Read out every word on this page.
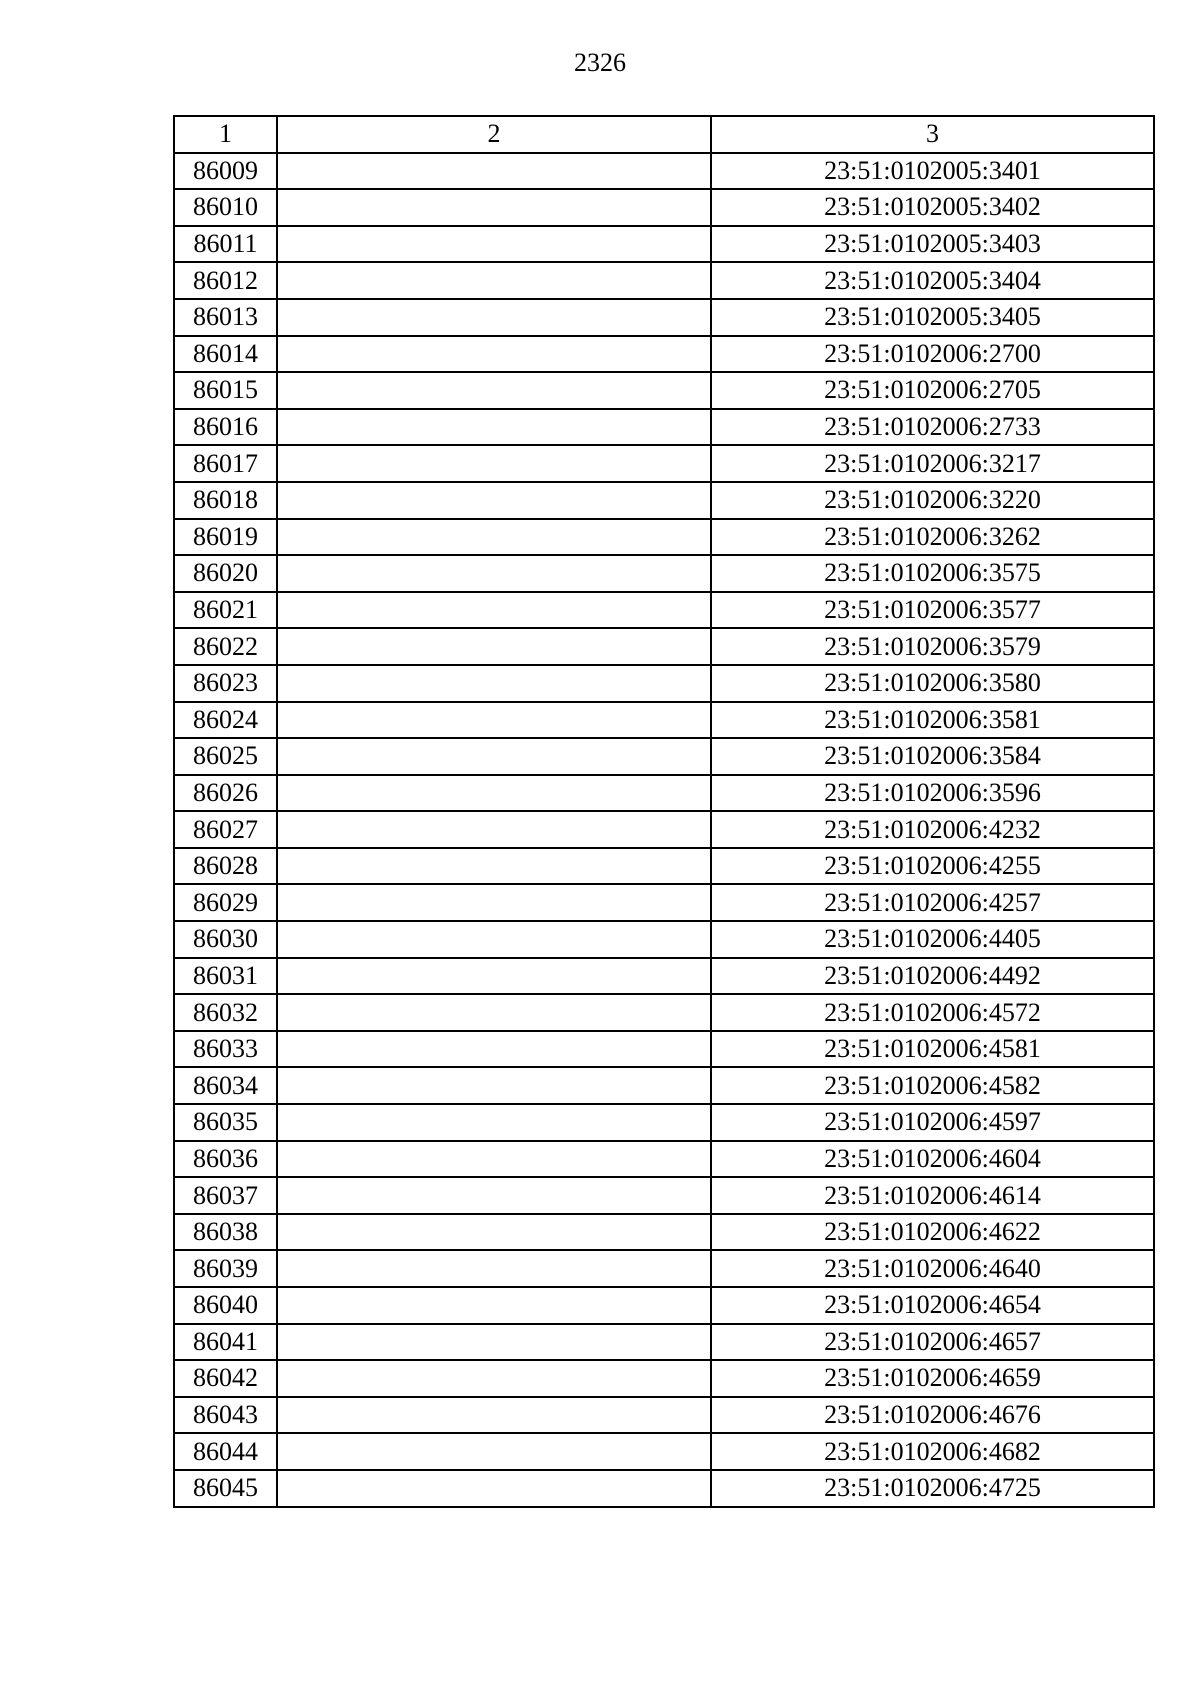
2326
1	2	3
86009		23:51:0102005:3401
86010		23:51:0102005:3402
86011		23:51:0102005:3403
86012		23:51:0102005:3404
86013		23:51:0102005:3405
86014		23:51:0102006:2700
86015		23:51:0102006:2705
86016		23:51:0102006:2733
86017		23:51:0102006:3217
86018		23:51:0102006:3220
86019		23:51:0102006:3262
86020		23:51:0102006:3575
86021		23:51:0102006:3577
86022		23:51:0102006:3579
86023		23:51:0102006:3580
86024		23:51:0102006:3581
86025		23:51:0102006:3584
86026		23:51:0102006:3596
86027		23:51:0102006:4232
86028		23:51:0102006:4255
86029		23:51:0102006:4257
86030		23:51:0102006:4405
86031		23:51:0102006:4492
86032		23:51:0102006:4572
86033		23:51:0102006:4581
86034		23:51:0102006:4582
86035		23:51:0102006:4597
86036		23:51:0102006:4604
86037		23:51:0102006:4614
86038		23:51:0102006:4622
86039		23:51:0102006:4640
86040		23:51:0102006:4654
86041		23:51:0102006:4657
86042		23:51:0102006:4659
86043		23:51:0102006:4676
86044		23:51:0102006:4682
86045		23:51:0102006:4725
